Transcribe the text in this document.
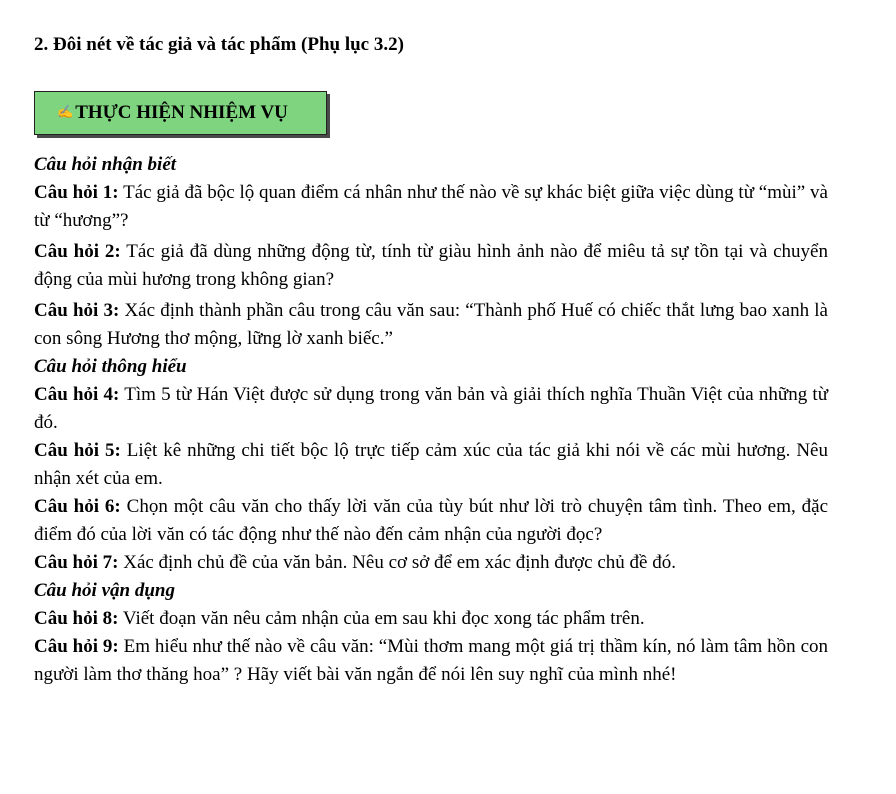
2. Đôi nét về tác giả và tác phẩm (Phụ lục 3.2)
✍ THỰC HIỆN NHIỆM VỤ

Câu hỏi nhận biết

Câu hỏi 1: Tác giả đã bộc lộ quan điểm cá nhân như thế nào về sự khác biệt giữa việc dùng từ “mùi” và từ “hương”?

Câu hỏi 2: Tác giả đã dùng những động từ, tính từ giàu hình ảnh nào để miêu tả sự tồn tại và chuyển động của mùi hương trong không gian?

Câu hỏi 3: Xác định thành phần câu trong câu văn sau: “Thành phố Huế có chiếc thắt lưng bao xanh là con sông Hương thơ mộng, lững lờ xanh biếc.”

Câu hỏi thông hiểu

Câu hỏi 4: Tìm 5 từ Hán Việt được sử dụng trong văn bản và giải thích nghĩa Thuần Việt của những từ đó.

Câu hỏi 5: Liệt kê những chi tiết bộc lộ trực tiếp cảm xúc của tác giả khi nói về các mùi hương. Nêu nhận xét của em.

Câu hỏi 6: Chọn một câu văn cho thấy lời văn của tùy bút như lời trò chuyện tâm tình. Theo em, đặc điểm đó của lời văn có tác động như thế nào đến cảm nhận của người đọc?

Câu hỏi 7: Xác định chủ đề của văn bản. Nêu cơ sở để em xác định được chủ đề đó.

Câu hỏi vận dụng

Câu hỏi 8: Viết đoạn văn nêu cảm nhận của em sau khi đọc xong tác phẩm trên.

Câu hỏi 9: Em hiểu như thế nào về câu văn: “Mùi thơm mang một giá trị thầm kín, nó làm tâm hồn con người làm thơ thăng hoa” ? Hãy viết bài văn ngắn để nói lên suy nghĩ của mình nhé!
